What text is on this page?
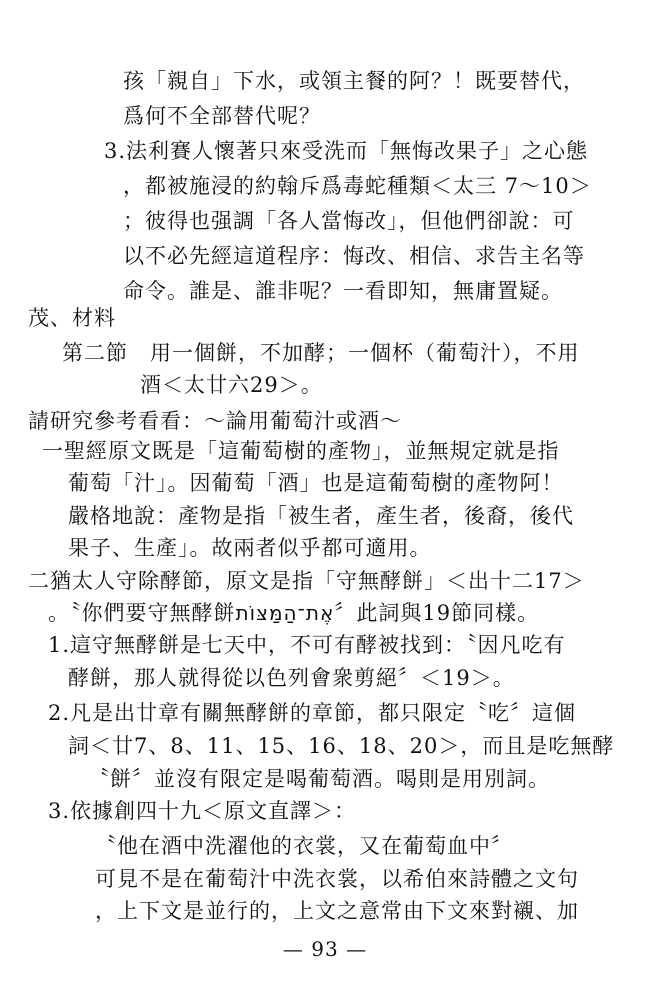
孩「親自」下水，或領主餐的阿？！既要替代，
爲何不全部替代呢？
3.法利賽人懷著只來受洗而「無悔改果子」之心態
，都被施浸的約翰斥爲毒蛇種類＜太三 7～10＞
；彼得也强調「各人當悔改」，但他們卻說：可
以不必先經這道程序：悔改、相信、求告主名等
命令。誰是、誰非呢？一看即知，無庸置疑。
茂、材料
第二節　用一個餅，不加酵；一個杯（葡萄汁），不用
酒＜太廿六29＞。
請研究參考看看：～論用葡萄汁或酒～
一聖經原文既是「這葡萄樹的產物」，並無規定就是指
葡萄「汁」。因葡萄「酒」也是這葡萄樹的產物阿！
嚴格地說：產物是指「被生者，產生者，後裔，後代
果子、生產」。故兩者似乎都可適用。
二猶太人守除酵節，原文是指「守無酵餅」＜出十二17＞
。〝你們要守無酵餅אֶת־הַמַּצּוֹת〞此詞與19節同樣。
1.這守無酵餅是七天中，不可有酵被找到：〝因凡吃有
酵餅，那人就得從以色列會衆剪絕〞＜19＞。
2.凡是出廿章有關無酵餅的章節，都只限定〝吃〞這個
詞＜廿7、8、11、15、16、18、20＞，而且是吃無酵
〝餅〞並沒有限定是喝葡萄酒。喝則是用別詞。
3.依據創四十九＜原文直譯＞：
〝他在酒中洗濯他的衣裳，又在葡萄血中〞
可見不是在葡萄汁中洗衣裳，以希伯來詩體之文句
，上下文是並行的，上文之意常由下文來對襯、加
— 93 —
